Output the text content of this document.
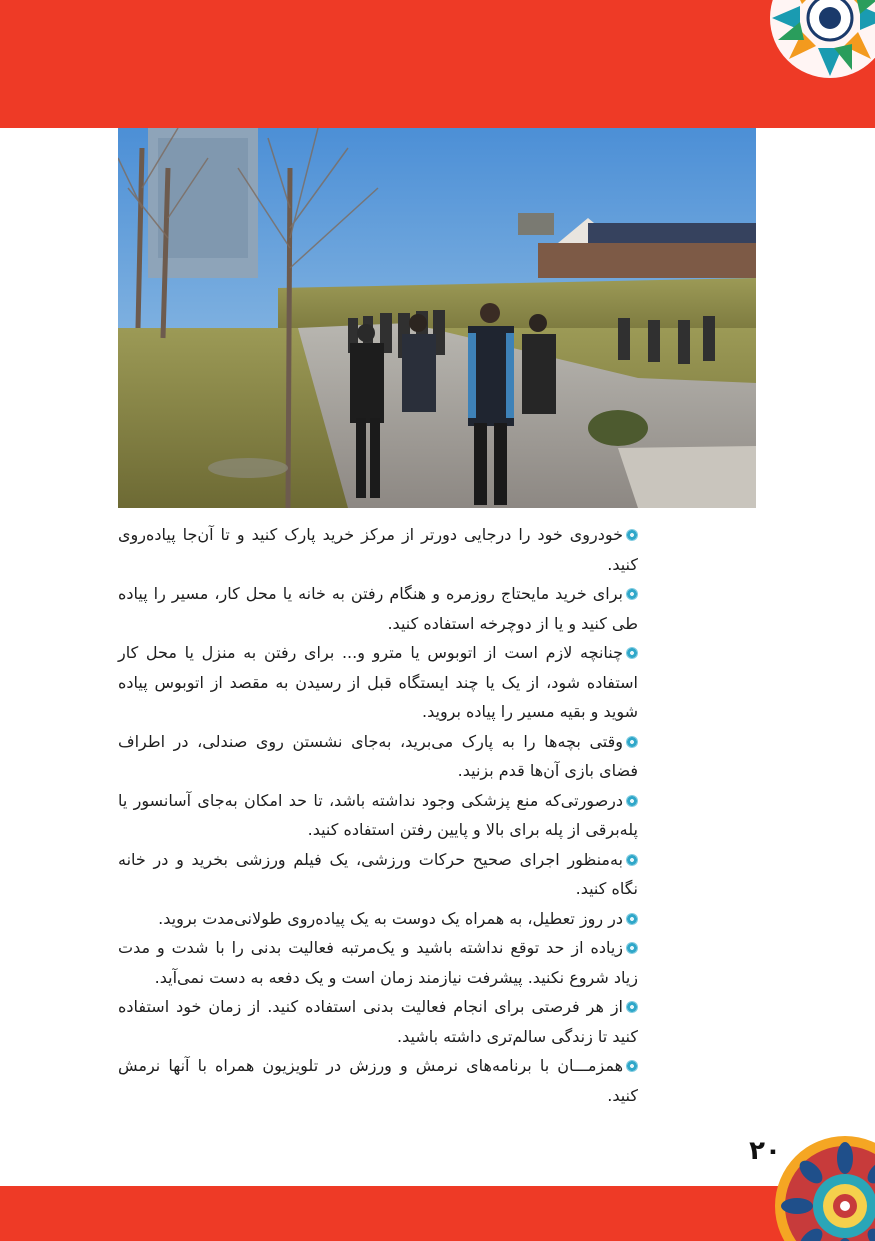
خودروی خود را درجایی دورتر از مرکز خرید پارک کنید و تا آن‌جا پیاده‌روی کنید.

برای خرید مایحتاج روزمره و هنگام رفتن به خانه یا محل کار، مسیر را پیاده طی کنید و یا از دوچرخه استفاده کنید.

چنانچه لازم است از اتوبوس یا مترو و... برای رفتن به منزل یا محل کار استفاده شود، از یک یا چند ایستگاه قبل از رسیدن به مقصد از اتوبوس پیاده شوید و بقیه مسیر را پیاده بروید.

وقتی بچه‌ها را به پارک می‌برید، به‌جای نشستن روی صندلی، در اطراف فضای بازی آن‌ها قدم بزنید.

درصورتی‌که منع پزشکی وجود نداشته باشد، تا حد امکان به‌جای آسانسور یا پله‌برقی از پله برای بالا و پایین رفتن استفاده کنید.

به‌منظور اجرای صحیح حرکات ورزشی، یک فیلم ورزشی بخرید و در خانه نگاه کنید.

در روز تعطیل، به همراه یک دوست به یک پیاده‌روی طولانی‌مدت بروید.

زیاده از حد توقع نداشته باشید و یک‌مرتبه فعالیت بدنی را با شدت و مدت زیاد شروع نکنید. پیشرفت نیازمند زمان است و یک دفعه به دست نمی‌آید.

از هر فرصتی برای انجام فعالیت بدنی استفاده کنید. از زمان خود استفاده کنید تا زندگی سالم‌تری داشته باشید.

همزمـــان با برنامه‌های نرمش و ورزش در تلویزیون همراه با آنها نرمش کنید.

۲۰
